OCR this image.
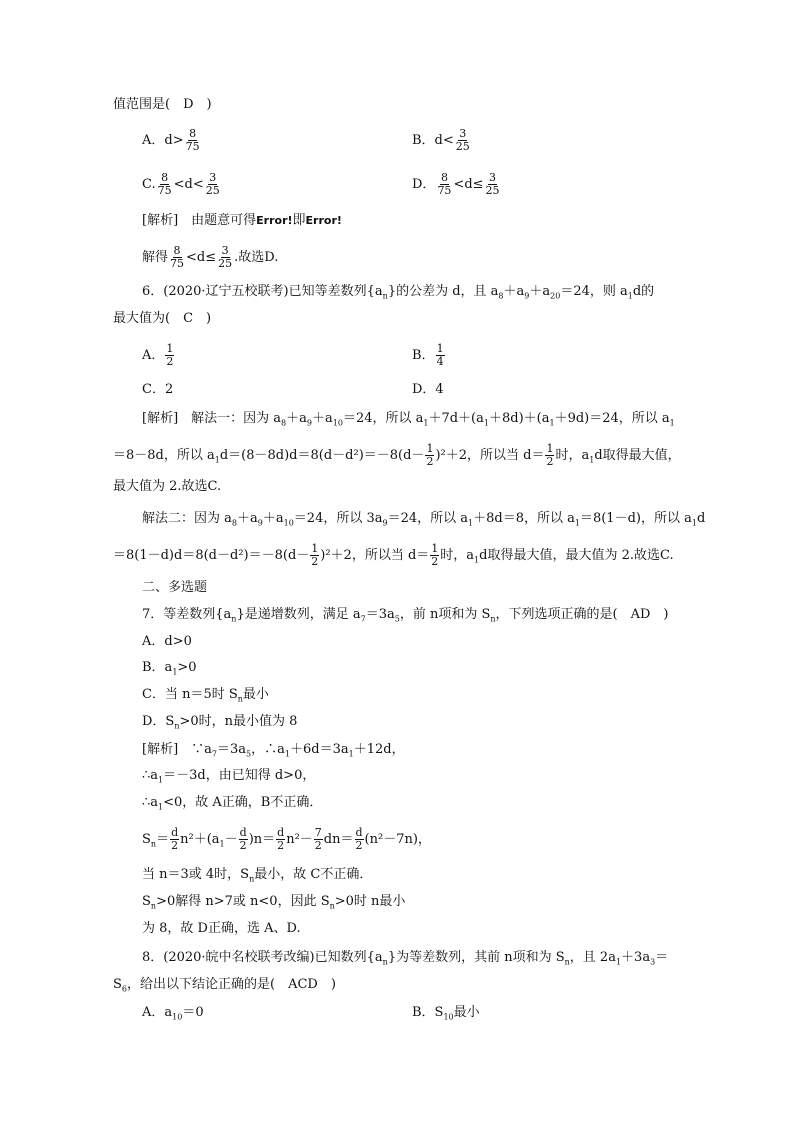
值范围是(　D　)
A．$d> \frac{8}{75}$	B．$d< \frac{3}{25}$
C. $\frac{8}{75} <d< \frac{3}{25}$	D． $\frac{8}{75} <d\le \frac{3}{25}$
[解析]　由题意可得Error!即Error!
解得 $\frac{8}{75} <d\le \frac{3}{25}$ .故选D.
6．(2020·辽宁五校联考)已知等差数列$\{a_n\}$的公差为 d，且 $a_8+a_9+a_{20}=24$，则 $a_1d$的
最大值为(　C　)
A． $\frac{1}{2}$	B． $\frac{1}{4}$
C．2	D．4
[解析]　解法一：因为 $a_8+a_9+a_{10}=24$，所以 $a_1+7d+(a_1+8d)+(a_1+9d)=24$，所以 $a_1$
＝8－8d，所以 $a_1d=(8-8d)d=8(d-d^2)=-8(d- \frac{1}{2} )^2+2$，所以当 $d= \frac{1}{2}$ 时，$a_1d$取得最大值，
最大值为 2.故选C.
解法二：因为 $a_8+a_9+a_{10}=24$，所以 $3a_9=24$，所以 $a_1+8d=8$，所以 $a_1=8(1-d)$，所以 $a_1d$
$=8(1-d)d=8(d-d^2)=-8(d- \frac{1}{2} )^2+2$，所以当 $d= \frac{1}{2}$ 时，$a_1d$取得最大值，最大值为 2.故选C.
二、多选题
7．等差数列$\{a_n\}$是递增数列，满足 $a_7=3a_5$，前 n项和为 $S_n$，下列选项正确的是(　AD　)
A．d>0
B．$a_1>0$
C．当 n＝5时 $S_n$最小
D．$S_n>0$时，n最小值为 8
[解析]　$\because a_7=3a_5$，$\therefore a_1+6d=3a_1+12d$，
$\therefore a_1=-3d$，由已知得 d>0，
$\therefore a_1<0$，故 A正确，B不正确．
$S_n= \frac{d}{2} n^2+(a_1- \frac{d}{2} )n= \frac{d}{2} n^2- \frac{7}{2} dn= \frac{d}{2} (n^2-7n)$，
当 n＝3或 4时，$S_n$最小，故 C不正确．
$S_n>0$解得 n>7或 n<0，因此 $S_n>0$时 n最小
为 8，故 D正确，选 A、D.
8．(2020·皖中名校联考改编)已知数列$\{a_n\}$为等差数列，其前 n项和为 $S_n$，且 $2a_1+3a_3=$
$S_6$，给出以下结论正确的是(　ACD　)
A．$a_{10}=0$	B．$S_{10}$最小
